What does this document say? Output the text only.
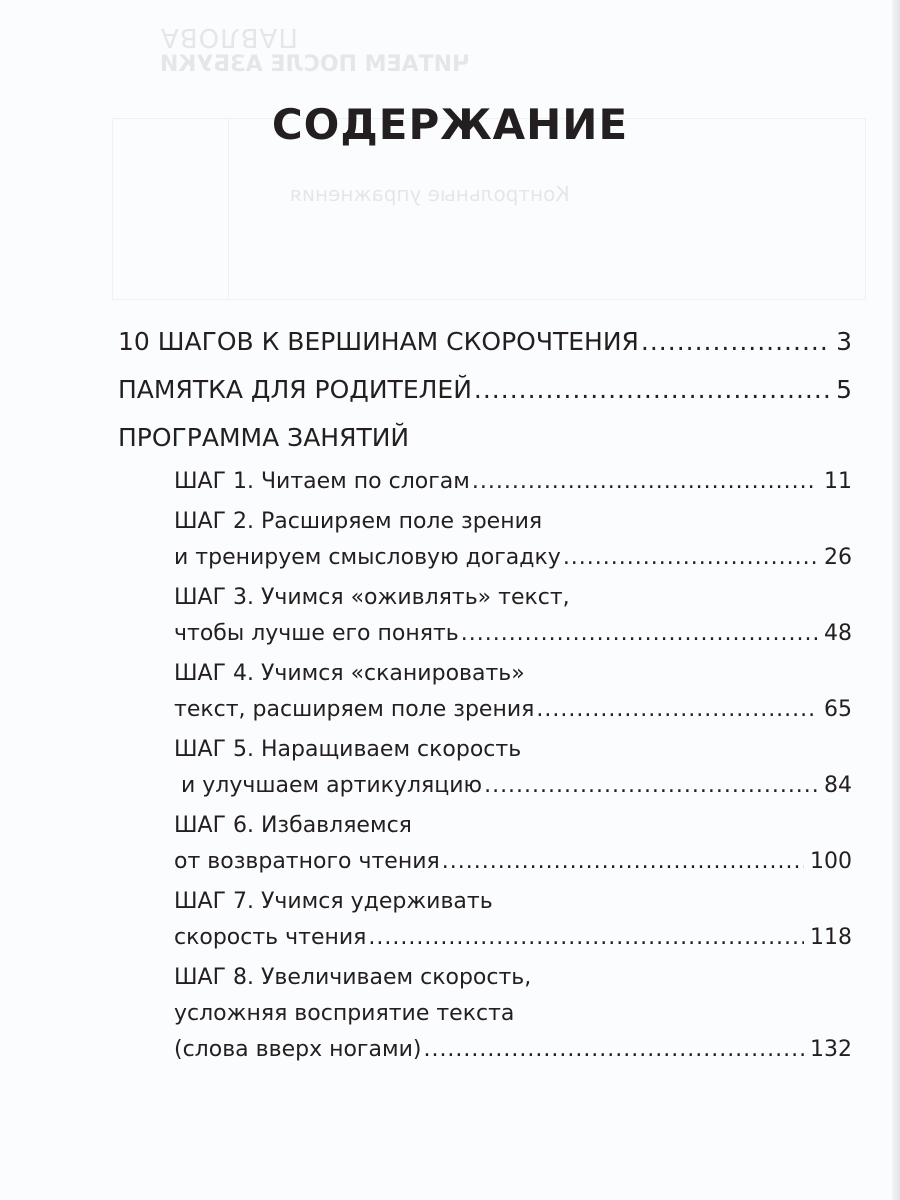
ПАВЛОВА
ЧИТАЕМ ПОСЛЕ АЗБУКИ
Контрольные упражнения
СОДЕРЖАНИЕ
10 ШАГОВ К ВЕРШИНАМ СКОРОЧТЕНИЯ .....	3
ПАМЯТКА ДЛЯ РОДИТЕЛЕЙ .....	5
ПРОГРАММА ЗАНЯТИЙ
ШАГ 1. Читаем по слогам .....	11
ШАГ 2. Расширяем поле зрения
и тренируем смысловую догадку .....	26
ШАГ 3. Учимся «оживлять» текст,
чтобы лучше его понять .....	48
ШАГ 4. Учимся «сканировать»
текст, расширяем поле зрения .....	65
ШАГ 5. Наращиваем скорость
и улучшаем артикуляцию .....	84
ШАГ 6. Избавляемся
от возвратного чтения .....	100
ШАГ 7. Учимся удерживать
скорость чтения .....	118
ШАГ 8. Увеличиваем скорость,
усложняя восприятие текста
(слова вверх ногами) .....	132
